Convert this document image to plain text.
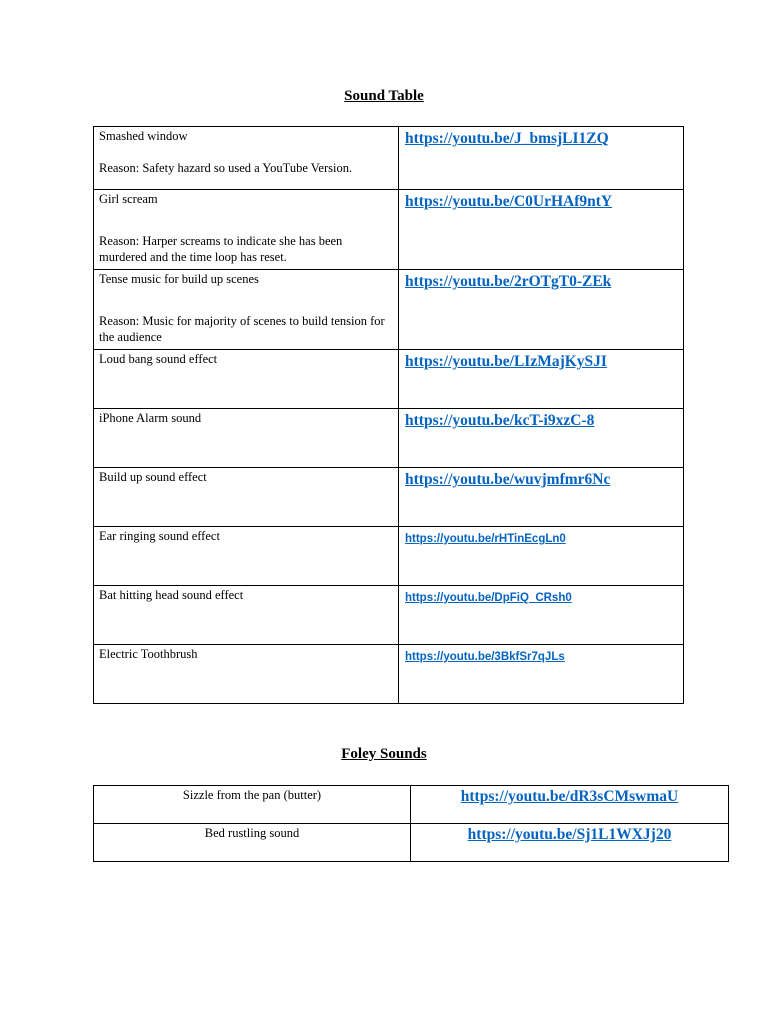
Sound Table
Smashed window
Reason: Safety hazard so used a YouTube Version.	https://youtu.be/J_bmsjLI1ZQ

Girl scream
Reason: Harper screams to indicate she has been murdered and the time loop has reset.	https://youtu.be/C0UrHAf9ntY

Tense music for build up scenes
Reason: Music for majority of scenes to build tension for the audience	https://youtu.be/2rOTgT0-ZEk

Loud bang sound effect	https://youtu.be/LIzMajKySJI

iPhone Alarm sound	https://youtu.be/kcT-i9xzC-8

Build up sound effect	https://youtu.be/wuvjmfmr6Nc

Ear ringing sound effect	https://youtu.be/rHTinEcgLn0

Bat hitting head sound effect	https://youtu.be/DpFiQ_CRsh0

Electric Toothbrush	https://youtu.be/3BkfSr7qJLs
Foley Sounds
Sizzle from the pan (butter)	https://youtu.be/dR3sCMswmaU
Bed rustling sound	https://youtu.be/Sj1L1WXJj20
